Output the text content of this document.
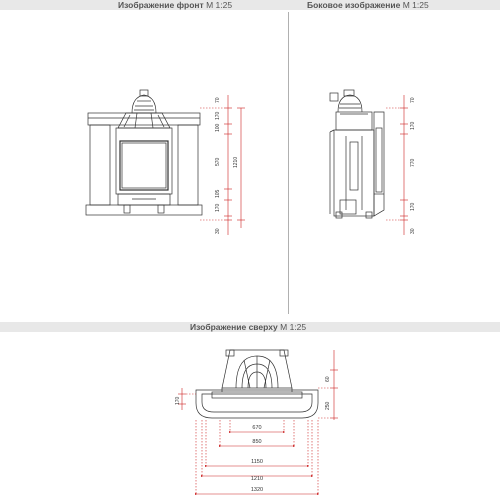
Изображение фронт М 1:25	Боковое изображение М 1:25
Изображение сверху М 1:25
70
170
100
570 1210
105
170
30
70
170
770
170
30
60
250
170
670
850
1150
1210
1320
